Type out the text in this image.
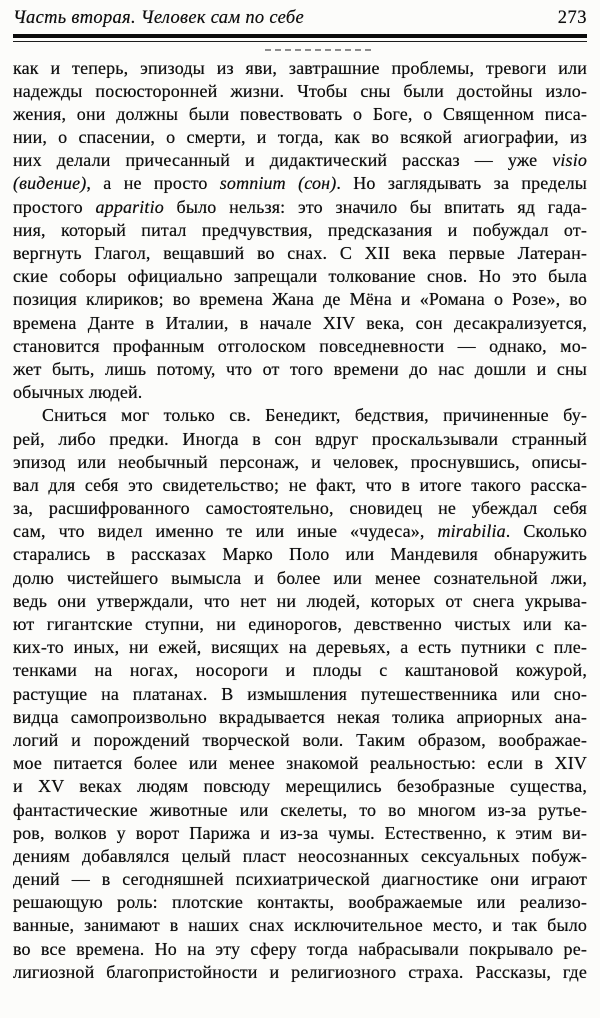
Часть вторая. Человек сам по себе	273
как и теперь, эпизоды из яви, завтрашние проблемы, тревоги или
надежды посюсторонней жизни. Чтобы сны были достойны изло-
жения, они должны были повествовать о Боге, о Священном писа-
нии, о спасении, о смерти, и тогда, как во всякой агиографии, из
них делали причесанный и дидактический рассказ — уже visio
(видение), а не просто somnium (сон). Но заглядывать за пределы
простого apparitio было нельзя: это значило бы впитать яд гада-
ния, который питал предчувствия, предсказания и побуждал от-
вергнуть Глагол, вещавший во снах. С XII века первые Латеран-
ские соборы официально запрещали толкование снов. Но это была
позиция клириков; во времена Жана де Мёна и «Романа о Розе», во
времена Данте в Италии, в начале XIV века, сон десакрализуется,
становится профанным отголоском повседневности — однако, мо-
жет быть, лишь потому, что от того времени до нас дошли и сны
обычных людей.
Сниться мог только св. Бенедикт, бедствия, причиненные бу-
рей, либо предки. Иногда в сон вдруг проскальзывали странный
эпизод или необычный персонаж, и человек, проснувшись, описы-
вал для себя это свидетельство; не факт, что в итоге такого расска-
за, расшифрованного самостоятельно, сновидец не убеждал себя
сам, что видел именно те или иные «чудеса», mirabilia. Сколько
старались в рассказах Марко Поло или Мандевиля обнаружить
долю чистейшего вымысла и более или менее сознательной лжи,
ведь они утверждали, что нет ни людей, которых от снега укрыва-
ют гигантские ступни, ни единорогов, девственно чистых или ка-
ких-то иных, ни ежей, висящих на деревьях, а есть путники с пле-
тенками на ногах, носороги и плоды с каштановой кожурой,
растущие на платанах. В измышления путешественника или сно-
видца самопроизвольно вкрадывается некая толика априорных ана-
логий и порождений творческой воли. Таким образом, воображае-
мое питается более или менее знакомой реальностью: если в XIV
и XV веках людям повсюду мерещились безобразные существа,
фантастические животные или скелеты, то во многом из-за рутье-
ров, волков у ворот Парижа и из-за чумы. Естественно, к этим ви-
дениям добавлялся целый пласт неосознанных сексуальных побуж-
дений — в сегодняшней психиатрической диагностике они играют
решающую роль: плотские контакты, воображаемые или реализо-
ванные, занимают в наших снах исключительное место, и так было
во все времена. Но на эту сферу тогда набрасывали покрывало ре-
лигиозной благопристойности и религиозного страха. Рассказы, где
